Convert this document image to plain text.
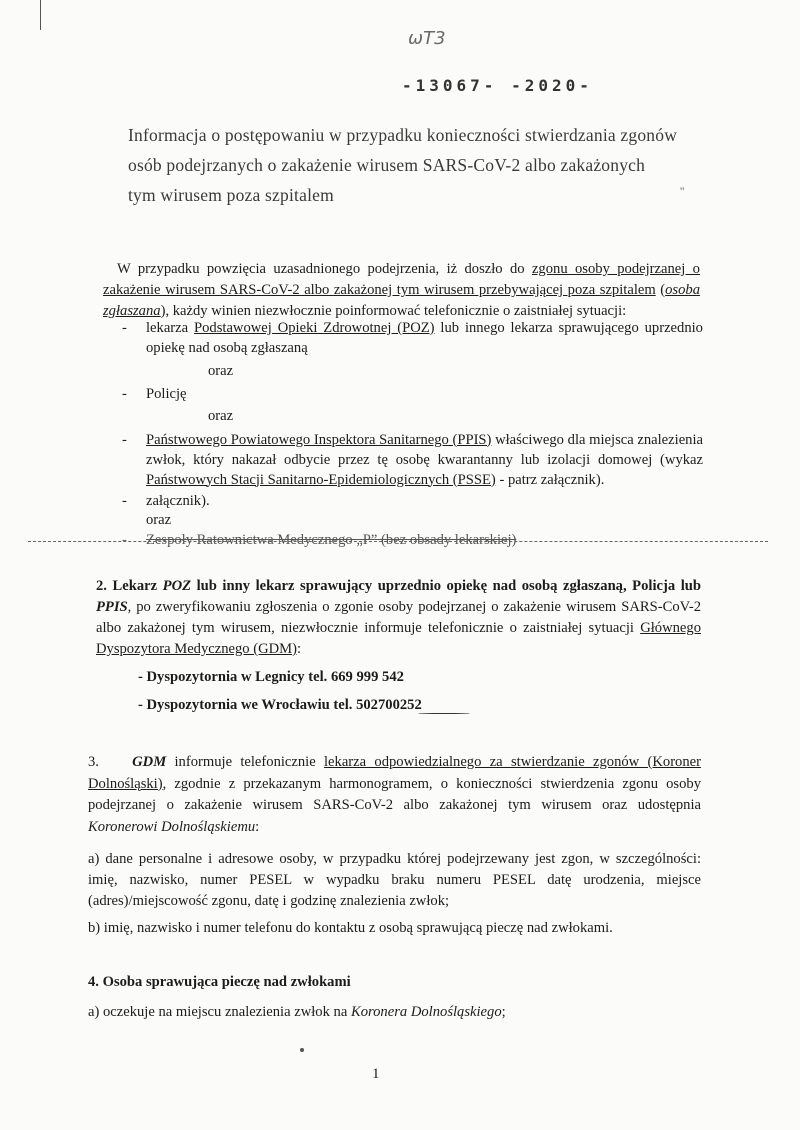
ωТ3
-13067- -2020-
Informacja o postępowaniu w przypadku konieczności stwierdzania zgonów
osób podejrzanych o zakażenie wirusem SARS-CoV-2 albo zakażonych
tym wirusem poza szpitalem	''
W przypadku powzięcia uzasadnionego podejrzenia, iż doszło do zgonu osoby podejrzanej o zakażenie wirusem SARS-CoV-2 albo zakażonej tym wirusem przebywającej poza szpitalem (osoba zgłaszana), każdy winien niezwłocznie poinformować telefonicznie o zaistniałej sytuacji:
- lekarza Podstawowej Opieki Zdrowotnej (POZ) lub innego lekarza sprawującego uprzednio opiekę nad osobą zgłaszaną
oraz
- Policję
oraz
- Państwowego Powiatowego Inspektora Sanitarnego (PPIS) właściwego dla miejsca znalezienia zwłok, który nakazał odbycie przez tę osobę kwarantanny lub izolacji domowej (wykaz Państwowych Stacji Sanitarno-Epidemiologicznych (PSSE) - patrz załącznik).
- załącznik).
oraz
- Zespoły Ratownictwa Medycznego „P” (bez obsady lekarskiej)
2. Lekarz POZ lub inny lekarz sprawujący uprzednio opiekę nad osobą zgłaszaną, Policja lub PPIS, po zweryfikowaniu zgłoszenia o zgonie osoby podejrzanej o zakażenie wirusem SARS-CoV-2 albo zakażonej tym wirusem, niezwłocznie informuje telefonicznie o zaistniałej sytuacji Głównego Dyspozytora Medycznego (GDM):
- Dyspozytornia w Legnicy tel. 669 999 542
- Dyspozytornia we Wrocławiu tel. 502700252
3. GDM informuje telefonicznie lekarza odpowiedzialnego za stwierdzanie zgonów (Koroner Dolnośląski), zgodnie z przekazanym harmonogramem, o konieczności stwierdzenia zgonu osoby podejrzanej o zakażenie wirusem SARS-CoV-2 albo zakażonej tym wirusem oraz udostępnia Koronerowi Dolnośląskiemu:
a) dane personalne i adresowe osoby, w przypadku której podejrzewany jest zgon, w szczególności: imię, nazwisko, numer PESEL w wypadku braku numeru PESEL datę urodzenia, miejsce (adres)/miejscowość zgonu, datę i godzinę znalezienia zwłok;
b) imię, nazwisko i numer telefonu do kontaktu z osobą sprawującą pieczę nad zwłokami.
4. Osoba sprawująca pieczę nad zwłokami
a) oczekuje na miejscu znalezienia zwłok na Koronera Dolnośląskiego;
1
